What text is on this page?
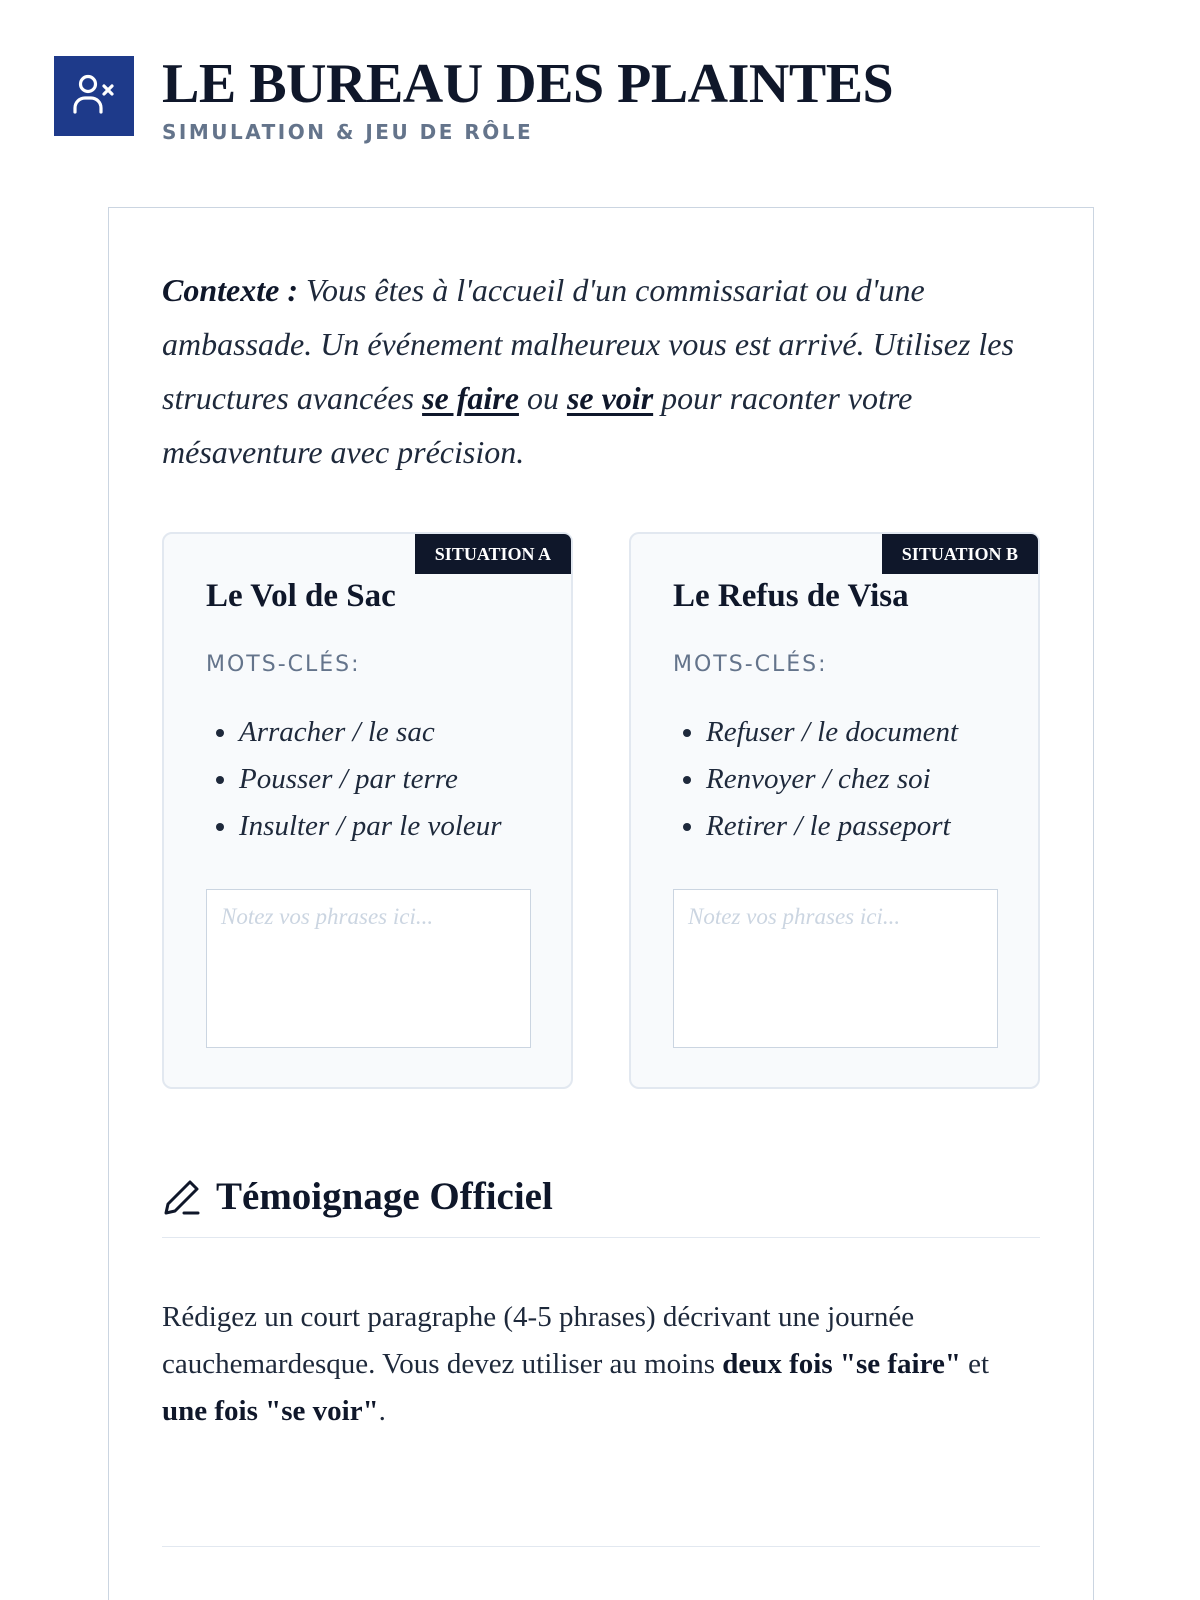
LE BUREAU DES PLAINTES
SIMULATION & JEU DE RÔLE

Contexte : Vous êtes à l'accueil d'un commissariat ou d'une ambassade. Un événement malheureux vous est arrivé. Utilisez les structures avancées se faire ou se voir pour raconter votre mésaventure avec précision.

SITUATION A
Le Vol de Sac
MOTS-CLÉS:
• Arracher / le sac
• Pousser / par terre
• Insulter / par le voleur
Notez vos phrases ici...
SITUATION B
Le Refus de Visa
MOTS-CLÉS:
• Refuser / le document
• Renvoyer / chez soi
• Retirer / le passeport
Notez vos phrases ici...
Témoignage Officiel

Rédigez un court paragraphe (4-5 phrases) décrivant une journée cauchemardesque. Vous devez utiliser au moins deux fois "se faire" et une fois "se voir".
